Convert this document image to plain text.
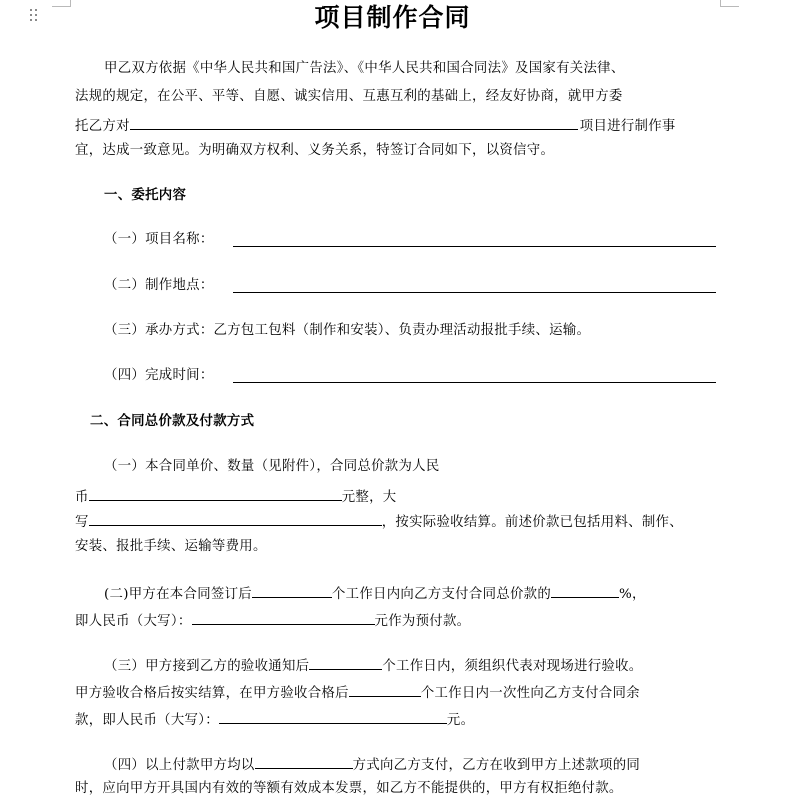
项目制作合同
甲乙双方依据《中华人民共和国广告法》、《中华人民共和国合同法》及国家有关法律、
法规的规定，在公平、平等、自愿、诚实信用、互惠互利的基础上，经友好协商，就甲方委
托乙方对	项目进行制作事
宜，达成一致意见。为明确双方权利、义务关系，特签订合同如下，以资信守。
一、委托内容
（一）项目名称：
（二）制作地点：
（三）承办方式：乙方包工包料（制作和安装）、负责办理活动报批手续、运输。
（四）完成时间：
二、合同总价款及付款方式
（一）本合同单价、数量（见附件），合同总价款为人民
币	元整，大
写	，按实际验收结算。前述价款已包括用料、制作、
安装、报批手续、运输等费用。
(二)甲方在本合同签订后	个工作日内向乙方支付合同总价款的	%，
即人民币（大写）：	元作为预付款。
（三）甲方接到乙方的验收通知后	个工作日内，须组织代表对现场进行验收。
甲方验收合格后按实结算，在甲方验收合格后	个工作日内一次性向乙方支付合同余
款，即人民币（大写）：	元。
（四）以上付款甲方均以	方式向乙方支付，乙方在收到甲方上述款项的同
时，应向甲方开具国内有效的等额有效成本发票，如乙方不能提供的，甲方有权拒绝付款。
